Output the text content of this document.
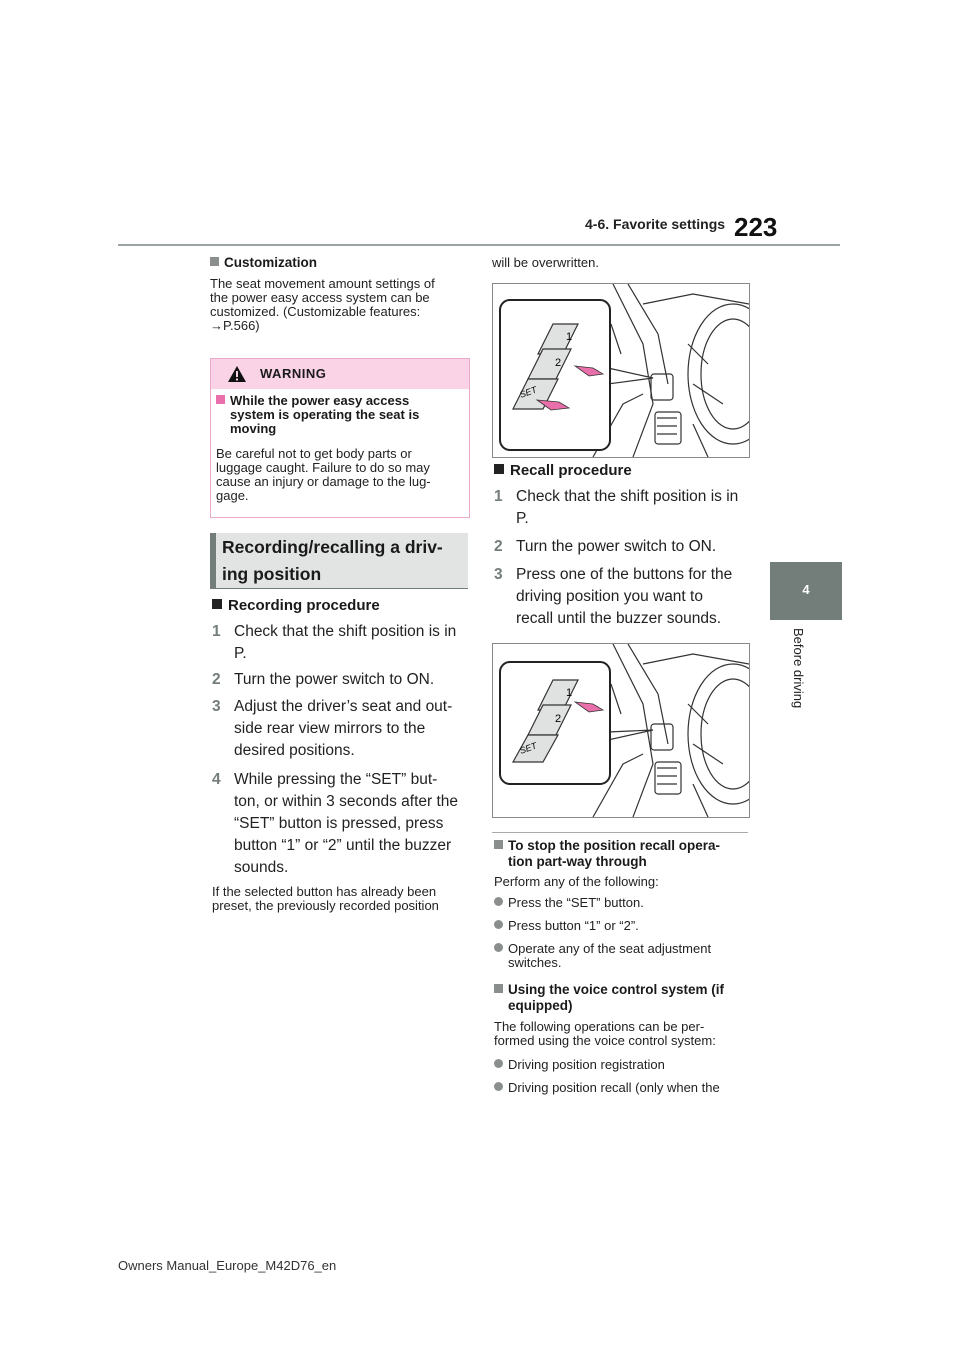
4-6. Favorite settings 223
4
Before driving
Customization
The seat movement amount settings of
the power easy access system can be
customized. (Customizable features:
→P.566)
WARNING
While the power easy access
system is operating the seat is
moving
Be careful not to get body parts or
luggage caught. Failure to do so may
cause an injury or damage to the lug-
gage.
Recording/recalling a driv-
ing position
Recording procedure
1 Check that the shift position is in
P.
2 Turn the power switch to ON.
3 Adjust the driver’s seat and out-
side rear view mirrors to the
desired positions.
4 While pressing the “SET” but-
ton, or within 3 seconds after the
“SET” button is pressed, press
button “1” or “2” until the buzzer
sounds.
If the selected button has already been
preset, the previously recorded position
will be overwritten.
1
2
SET
Recall procedure
1 Check that the shift position is in
P.
2 Turn the power switch to ON.
3 Press one of the buttons for the
driving position you want to
recall until the buzzer sounds.
1
2
SET
To stop the position recall opera-
tion part-way through
Perform any of the following:
Press the “SET” button.
Press button “1” or “2”.
Operate any of the seat adjustment
switches.
Using the voice control system (if
equipped)
The following operations can be per-
formed using the voice control system:
Driving position registration
Driving position recall (only when the
Owners Manual_Europe_M42D76_en
